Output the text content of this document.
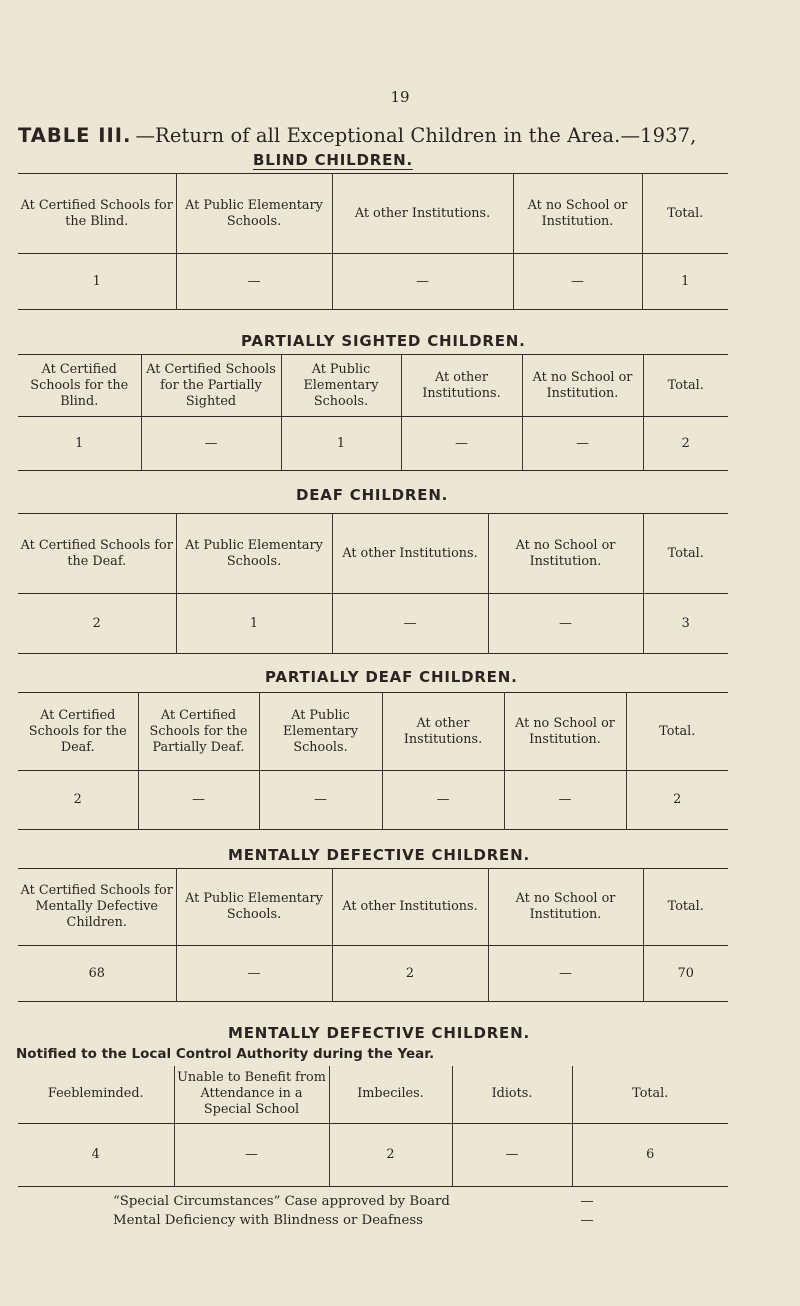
19
TABLE III. —Return of all Exceptional Children in the Area.—1937,
BLIND CHILDREN.
At Certified Schools for the Blind.	At Public Elementary Schools.	At other Institutions.	At no School or Institution.	Total.
1	—	—	—	1
PARTIALLY SIGHTED CHILDREN.
At Certified Schools for the Blind.	At Certified Schools for the Partially Sighted	At Public Elementary Schools.	At other Institutions.	At no School or Institution.	Total.
1	—	1	—	—	2
DEAF CHILDREN.
At Certified Schools for the Deaf.	At Public Elementary Schools.	At other Institutions.	At no School or Institution.	Total.
2	1	—	—	3
PARTIALLY DEAF CHILDREN.
At Certified Schools for the Deaf.	At Certified Schools for the Partially Deaf.	At Public Elementary Schools.	At other Institutions.	At no School or Institution.	Total.
2	—	—	—	—	2
MENTALLY DEFECTIVE CHILDREN.
At Certified Schools for Mentally Defective Children.	At Public Elementary Schools.	At other Institutions.	At no School or Institution.	Total.
68	—	2	—	70
MENTALLY DEFECTIVE CHILDREN.
Notified to the Local Control Authority during the Year.
Feebleminded.	Unable to Benefit from Attendance in a Special School	Imbeciles.	Idiots.	Total.
4	—	2	—	6
“Special Circumstances” Case approved by Board	—
Mental Deficiency with Blindness or Deafness	—
